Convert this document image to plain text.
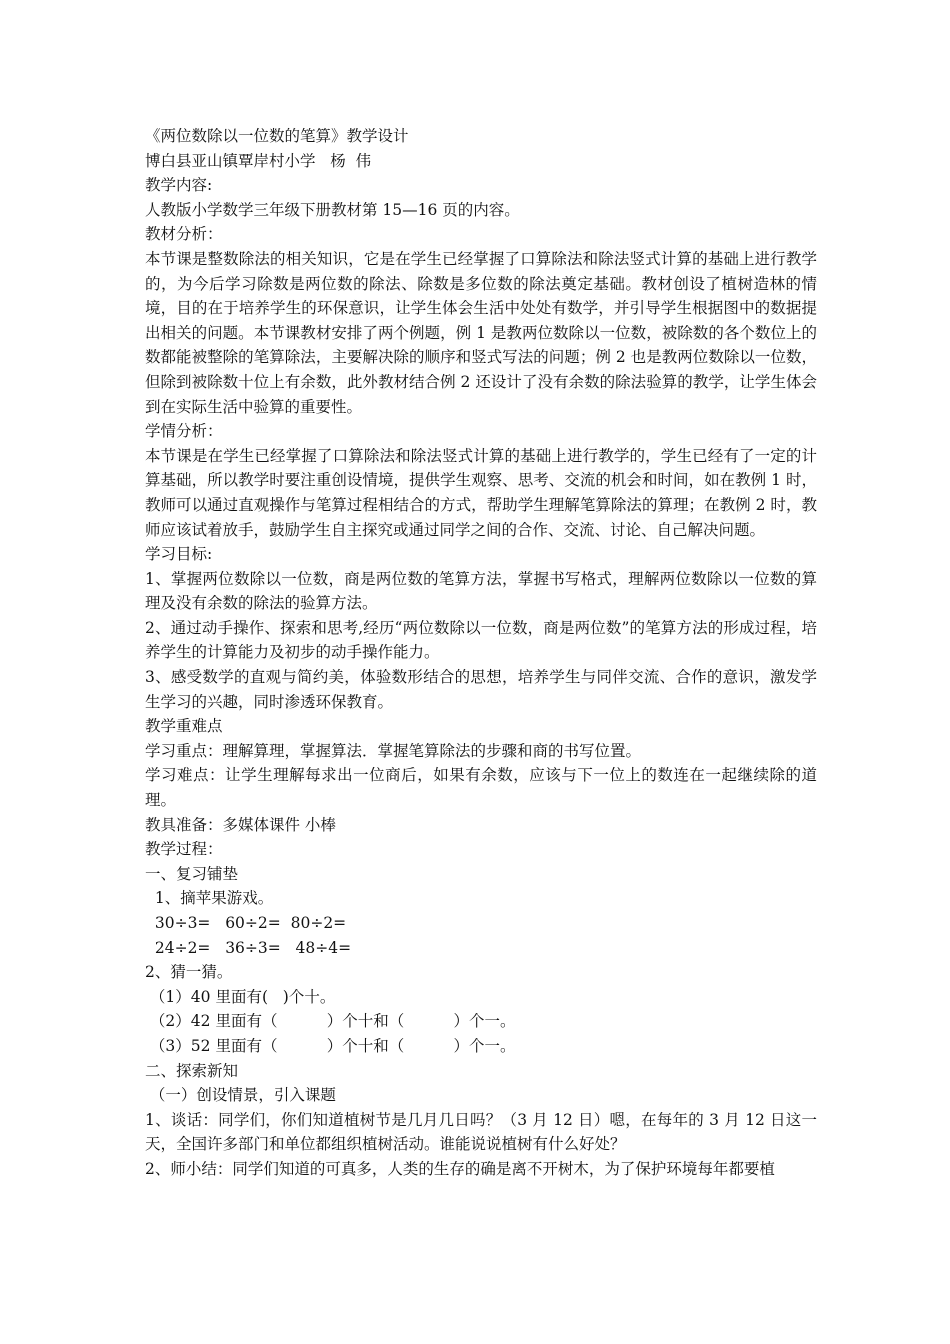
《两位数除以一位数的笔算》教学设计
博白县亚山镇覃岸村小学   杨  伟
教学内容:
人教版小学数学三年级下册教材第 15—16 页的内容。
教材分析：
本节课是整数除法的相关知识，它是在学生已经掌握了口算除法和除法竖式计算的基础上进行教学的，为今后学习除数是两位数的除法、除数是多位数的除法奠定基础。教材创设了植树造林的情境，目的在于培养学生的环保意识，让学生体会生活中处处有数学，并引导学生根据图中的数据提出相关的问题。本节课教材安排了两个例题，例 1 是教两位数除以一位数，被除数的各个数位上的数都能被整除的笔算除法，主要解决除的顺序和竖式写法的问题；例 2 也是教两位数除以一位数，但除到被除数十位上有余数，此外教材结合例 2 还设计了没有余数的除法验算的教学，让学生体会到在实际生活中验算的重要性。
学情分析：
本节课是在学生已经掌握了口算除法和除法竖式计算的基础上进行教学的，学生已经有了一定的计算基础，所以教学时要注重创设情境，提供学生观察、思考、交流的机会和时间，如在教例 1 时，教师可以通过直观操作与笔算过程相结合的方式，帮助学生理解笔算除法的算理；在教例 2 时，教师应该试着放手，鼓励学生自主探究或通过同学之间的合作、交流、讨论、自己解决问题。
学习目标:
1、掌握两位数除以一位数，商是两位数的笔算方法，掌握书写格式，理解两位数除以一位数的算理及没有余数的除法的验算方法。
2、通过动手操作、探索和思考,经历“两位数除以一位数，商是两位数”的笔算方法的形成过程，培养学生的计算能力及初步的动手操作能力。
3、感受数学的直观与简约美，体验数形结合的思想，培养学生与同伴交流、合作的意识，激发学生学习的兴趣，同时渗透环保教育。
教学重难点
学习重点：理解算理，掌握算法．掌握笔算除法的步骤和商的书写位置。
学习难点：让学生理解每求出一位商后，如果有余数，应该与下一位上的数连在一起继续除的道理。
教具准备：多媒体课件 小棒
教学过程：
一、复习铺垫
1、摘苹果游戏。
30÷3=   60÷2=  80÷2=
24÷2=   36÷3=   48÷4=
2、猜一猜。
（1）40 里面有(   )个十。
（2）42 里面有（          ）个十和（          ）个一。
（3）52 里面有（          ）个十和（          ）个一。
二、探索新知
（一）创设情景，引入课题
1、谈话：同学们，你们知道植树节是几月几日吗？（3 月 12 日）嗯，在每年的 3 月 12 日这一天，全国许多部门和单位都组织植树活动。谁能说说植树有什么好处？
2、师小结：同学们知道的可真多，人类的生存的确是离不开树木，为了保护环境每年都要植
